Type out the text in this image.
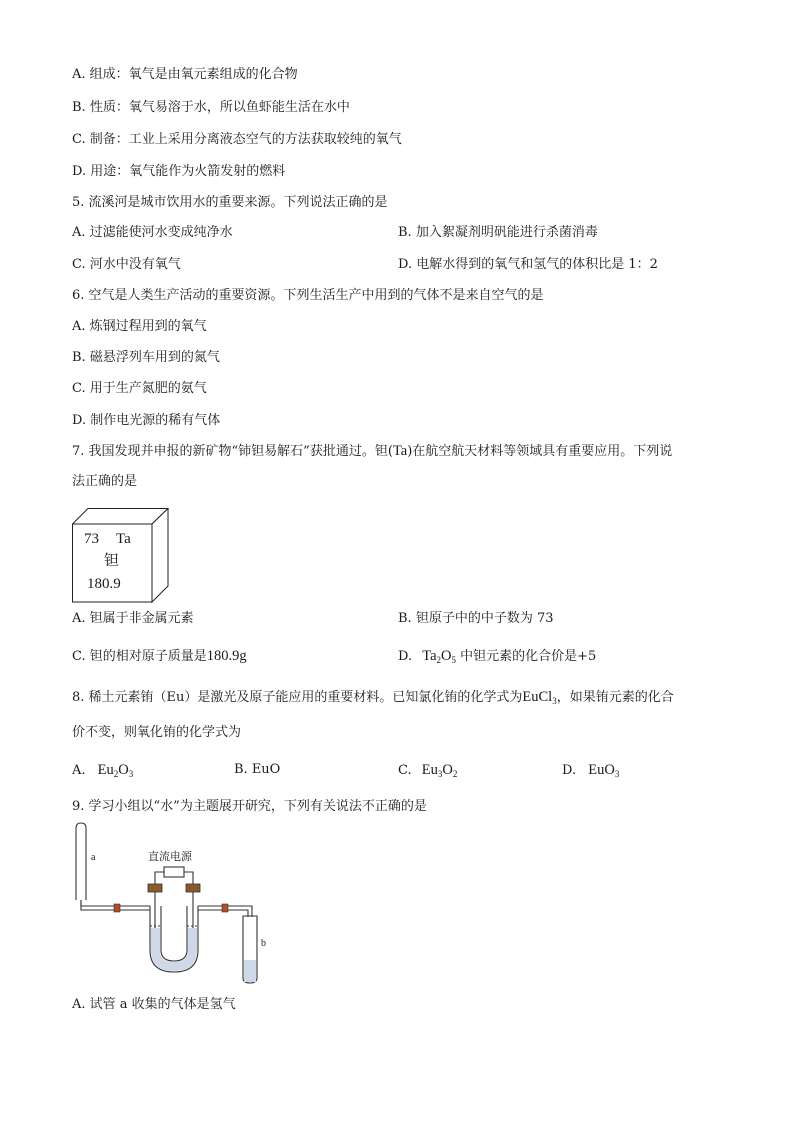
A. 组成：氧气是由氧元素组成的化合物
B. 性质：氧气易溶于水，所以鱼虾能生活在水中
C. 制备：工业上采用分离液态空气的方法获取较纯的氧气
D. 用途：氧气能作为火箭发射的燃料
5. 流溪河是城市饮用水的重要来源。下列说法正确的是
A. 过滤能使河水变成纯净水	B. 加入絮凝剂明矾能进行杀菌消毒
C. 河水中没有氧气	D. 电解水得到的氧气和氢气的体积比是 1：2
6. 空气是人类生产活动的重要资源。下列生活生产中用到的气体不是来自空气的是
A. 炼钢过程用到的氧气
B. 磁悬浮列车用到的氮气
C. 用于生产氮肥的氨气
D. 制作电光源的稀有气体
7. 我国发现并申报的新矿物“铈钽易解石”获批通过。钽(Ta)在航空航天材料等领域具有重要应用。下列说
法正确的是
73 Ta
钽
180.9
A. 钽属于非金属元素	B. 钽原子中的中子数为 73
C. 钽的相对原子质量是180.9g	D. $Ta_2O_5$ 中钽元素的化合价是+5
8. 稀土元素铕（Eu）是激光及原子能应用的重要材料。已知氯化铕的化学式为EuCl$_3$，如果铕元素的化合
价不变，则氧化铕的化学式为
A. $Eu_2O_3$	B. EuO	C. $Eu_3O_2$	D. EuO$_3$
9. 学习小组以“水”为主题展开研究，下列有关说法不正确的是
a
b
直流电源
A. 试管 a 收集的气体是氢气
